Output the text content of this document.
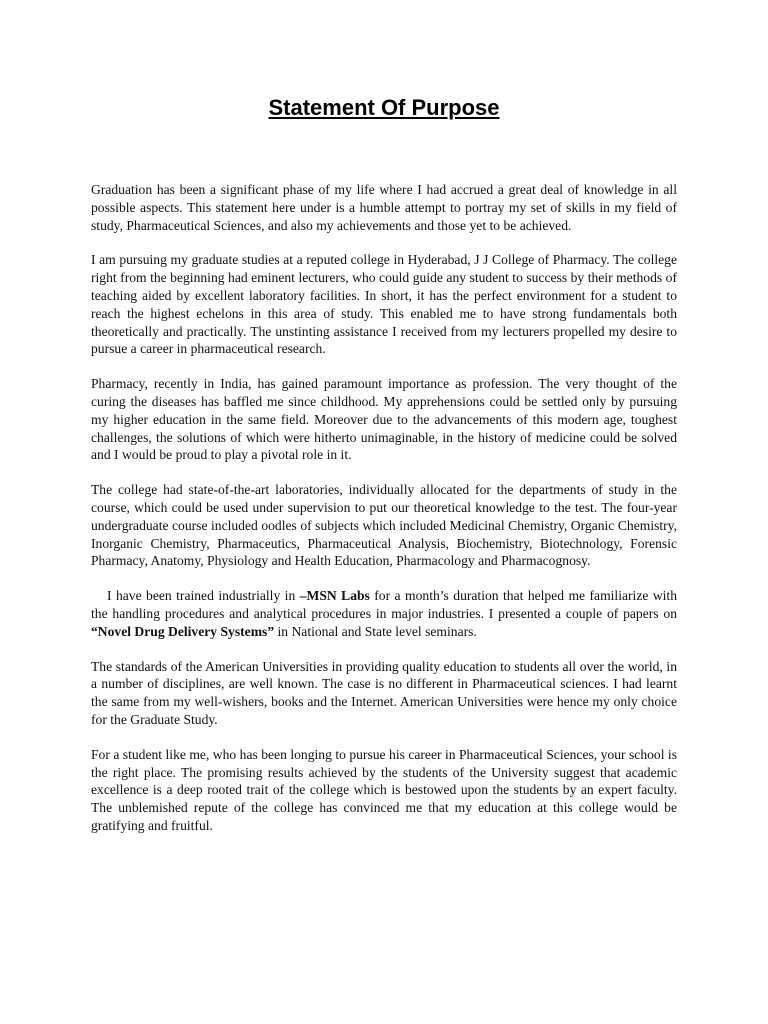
Statement Of Purpose

Graduation has been a significant phase of my life where I had accrued a great deal of knowledge in all possible aspects. This statement here under is a humble attempt to portray my set of skills in my field of study, Pharmaceutical Sciences, and also my achievements and those yet to be achieved.

I am pursuing my graduate studies at a reputed college in Hyderabad, J J College of Pharmacy. The college right from the beginning had eminent lecturers, who could guide any student to success by their methods of teaching aided by excellent laboratory facilities. In short, it has the perfect environment for a student to reach the highest echelons in this area of study. This enabled me to have strong fundamentals both theoretically and practically. The unstinting assistance I received from my lecturers propelled my desire to pursue a career in pharmaceutical research.

Pharmacy, recently in India, has gained paramount importance as profession. The very thought of the curing the diseases has baffled me since childhood. My apprehensions could be settled only by pursuing my higher education in the same field. Moreover due to the advancements of this modern age, toughest challenges, the solutions of which were hitherto unimaginable, in the history of medicine could be solved and I would be proud to play a pivotal role in it.

The college had state-of-the-art laboratories, individually allocated for the departments of study in the course, which could be used under supervision to put our theoretical knowledge to the test. The four-year undergraduate course included oodles of subjects which included Medicinal Chemistry, Organic Chemistry, Inorganic Chemistry, Pharmaceutics, Pharmaceutical Analysis, Biochemistry, Biotechnology, Forensic Pharmacy, Anatomy, Physiology and Health Education, Pharmacology and Pharmacognosy.

I have been trained industrially in –MSN Labs for a month’s duration that helped me familiarize with the handling procedures and analytical procedures in major industries. I presented a couple of papers on “Novel Drug Delivery Systems” in National and State level seminars.

The standards of the American Universities in providing quality education to students all over the world, in a number of disciplines, are well known. The case is no different in Pharmaceutical sciences. I had learnt the same from my well-wishers, books and the Internet. American Universities were hence my only choice for the Graduate Study.

For a student like me, who has been longing to pursue his career in Pharmaceutical Sciences, your school is the right place. The promising results achieved by the students of the University suggest that academic excellence is a deep rooted trait of the college which is bestowed upon the students by an expert faculty. The unblemished repute of the college has convinced me that my education at this college would be gratifying and fruitful.
